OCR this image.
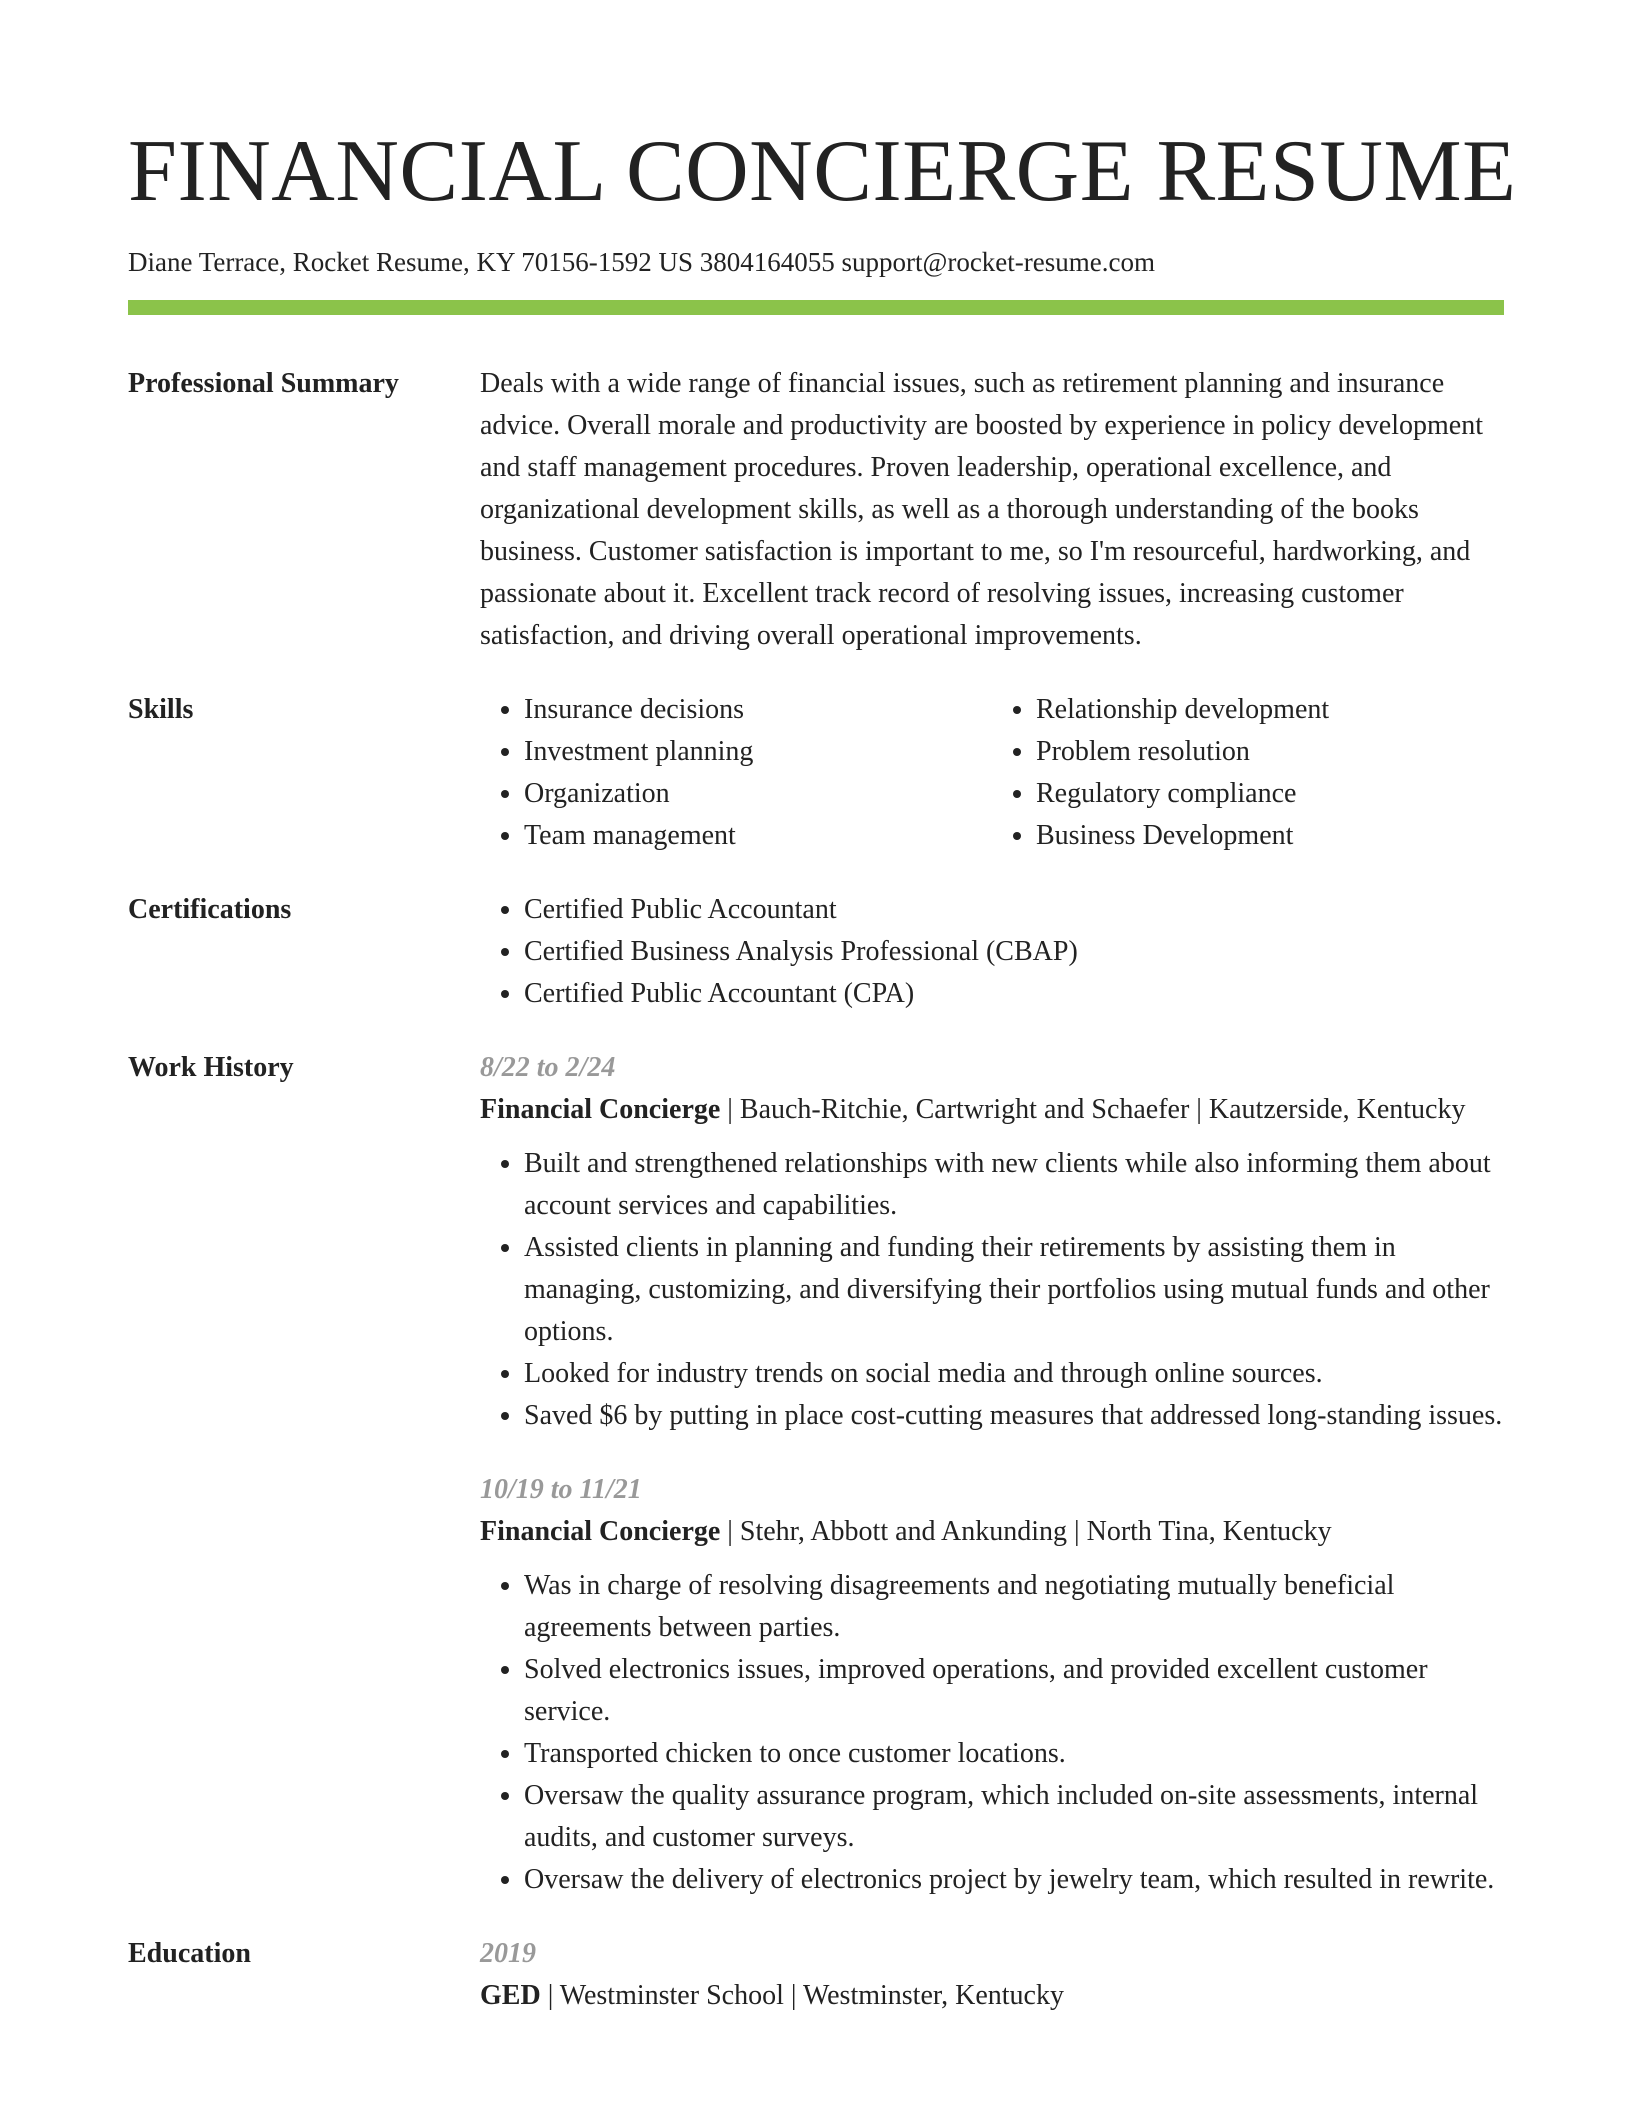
FINANCIAL CONCIERGE RESUME
Diane Terrace, Rocket Resume, KY 70156-1592 US 3804164055 support@rocket-resume.com
Professional Summary	Deals with a wide range of financial issues, such as retirement planning and insurance advice. Overall morale and productivity are boosted by experience in policy development and staff management procedures. Proven leadership, operational excellence, and organizational development skills, as well as a thorough understanding of the books business. Customer satisfaction is important to me, so I'm resourceful, hardworking, and passionate about it. Excellent track record of resolving issues, increasing customer satisfaction, and driving overall operational improvements.

Skills	• Insurance decisions
• Investment planning
• Organization
• Team management
• Relationship development
• Problem resolution
• Regulatory compliance
• Business Development
Certifications	• Certified Public Accountant
• Certified Business Analysis Professional (CBAP)
• Certified Public Accountant (CPA)
Work History	8/22 to 2/24
Financial Concierge | Bauch-Ritchie, Cartwright and Schaefer | Kautzerside, Kentucky
• Built and strengthened relationships with new clients while also informing them about account services and capabilities.
• Assisted clients in planning and funding their retirements by assisting them in managing, customizing, and diversifying their portfolios using mutual funds and other options.
• Looked for industry trends on social media and through online sources.
• Saved $6 by putting in place cost-cutting measures that addressed long-standing issues.
10/19 to 11/21
Financial Concierge | Stehr, Abbott and Ankunding | North Tina, Kentucky
• Was in charge of resolving disagreements and negotiating mutually beneficial agreements between parties.
• Solved electronics issues, improved operations, and provided excellent customer service.
• Transported chicken to once customer locations.
• Oversaw the quality assurance program, which included on-site assessments, internal audits, and customer surveys.
• Oversaw the delivery of electronics project by jewelry team, which resulted in rewrite.
Education	2019
GED | Westminster School | Westminster, Kentucky
